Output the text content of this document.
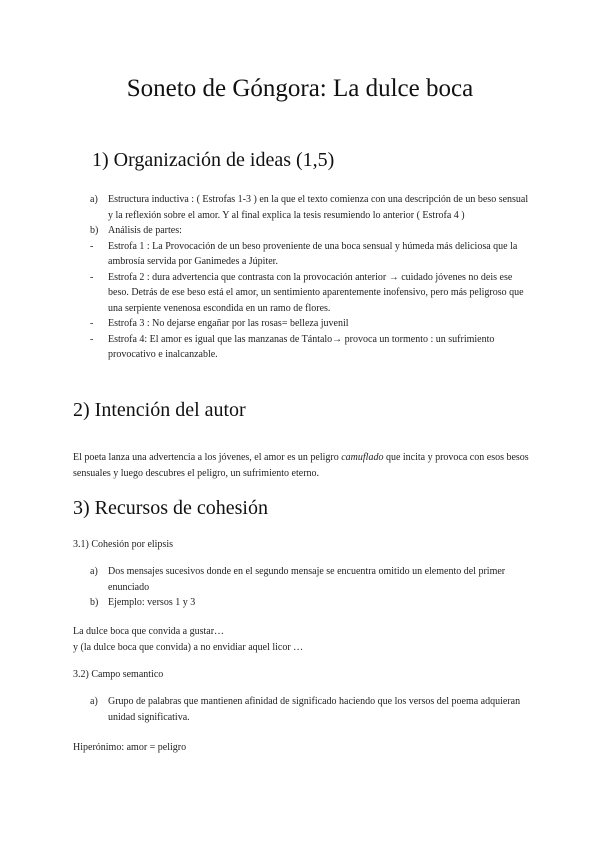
Soneto de Góngora: La dulce boca
1) Organización de ideas (1,5)
a) Estructura inductiva : ( Estrofas 1-3 ) en la que el texto comienza con una descripción de un beso sensual y la reflexión sobre el amor. Y al final explica la tesis resumiendo lo anterior ( Estrofa 4 )
b) Análisis de partes:
- Estrofa 1 : La Provocación de un beso proveniente de una boca sensual y húmeda más deliciosa que la ambrosía servida por Ganimedes a Júpiter.
- Estrofa 2 : dura advertencia que contrasta con la provocación anterior → cuidado jóvenes no deis ese beso. Detrás de ese beso está el amor, un sentimiento aparentemente inofensivo, pero más peligroso que una serpiente venenosa escondida en un ramo de flores.
- Estrofa 3 : No dejarse engañar por las rosas= belleza juvenil
- Estrofa 4: El amor es igual que las manzanas de Tántalo→ provoca un tormento : un sufrimiento provocativo e inalcanzable.
2) Intención del autor
El poeta lanza una advertencia a los jóvenes, el amor es un peligro camuflado que incita y provoca con esos besos sensuales y luego descubres el peligro, un sufrimiento eterno.
3) Recursos de cohesión
3.1) Cohesión por elipsis
a) Dos mensajes sucesivos donde en el segundo mensaje se encuentra omitido un elemento del primer enunciado
b) Ejemplo: versos 1 y 3
La dulce boca que convida a gustar…
y (la dulce boca que convida) a no envidiar aquel licor …
3.2) Campo semantico
a) Grupo de palabras que mantienen afinidad de significado haciendo que los versos del poema adquieran unidad significativa.
Hiperónimo: amor = peligro
